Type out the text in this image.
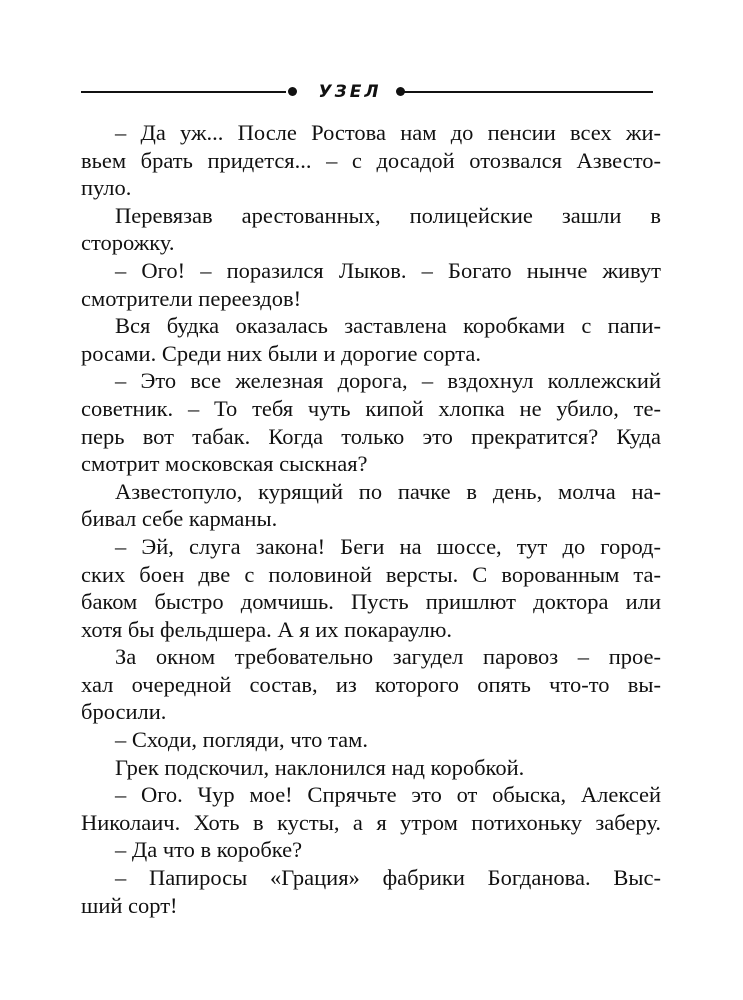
УЗЕЛ
– Да уж... После Ростова нам до пенсии всех жи-
вьем брать придется... – с досадой отозвался Азвесто-
пуло.
Перевязав арестованных, полицейские зашли в
сторожку.
– Ого! – поразился Лыков. – Богато нынче живут
смотрители переездов!
Вся будка оказалась заставлена коробками с папи-
росами. Среди них были и дорогие сорта.
– Это все железная дорога, – вздохнул коллежский
советник. – То тебя чуть кипой хлопка не убило, те-
перь вот табак. Когда только это прекратится? Куда
смотрит московская сыскная?
Азвестопуло, курящий по пачке в день, молча на-
бивал себе карманы.
– Эй, слуга закона! Беги на шоссе, тут до город-
ских боен две с половиной версты. С ворованным та-
баком быстро домчишь. Пусть пришлют доктора или
хотя бы фельдшера. А я их покараулю.
За окном требовательно загудел паровоз – прое-
хал очередной состав, из которого опять что-то вы-
бросили.
– Сходи, погляди, что там.
Грек подскочил, наклонился над коробкой.
– Ого. Чур мое! Спрячьте это от обыска, Алексей
Николаич. Хоть в кусты, а я утром потихоньку заберу.
– Да что в коробке?
– Папиросы «Грация» фабрики Богданова. Выс-
ший сорт!
